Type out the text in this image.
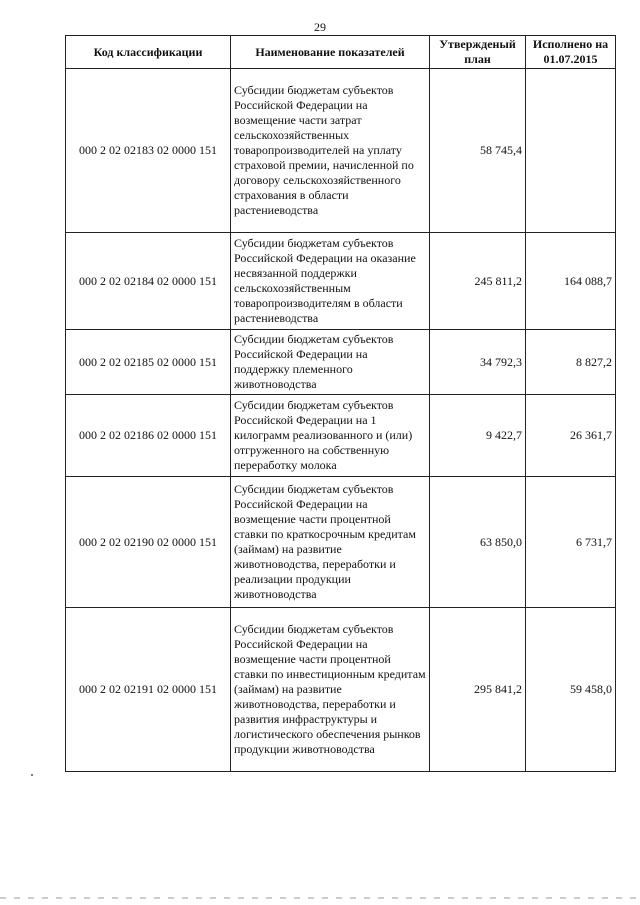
29
Код классификации	Наименование показателей	Утвержденый план	Исполнено на 01.07.2015
000 2 02 02183 02 0000 151	Субсидии бюджетам субъектов Российской Федерации на возмещение части затрат сельскохозяйственных товаропроизводителей на уплату страховой премии, начисленной по договору сельскохозяйственного страхования в области растениеводства	58 745,4	
000 2 02 02184 02 0000 151	Субсидии бюджетам субъектов Российской Федерации на оказание несвязанной поддержки сельскохозяйственным товаропроизводителям в области растениеводства	245 811,2	164 088,7
000 2 02 02185 02 0000 151	Субсидии бюджетам субъектов Российской Федерации на поддержку племенного животноводства	34 792,3	8 827,2
000 2 02 02186 02 0000 151	Субсидии бюджетам субъектов Российской Федерации на 1 килограмм реализованного и (или) отгруженного на собственную переработку молока	9 422,7	26 361,7
000 2 02 02190 02 0000 151	Субсидии бюджетам субъектов Российской Федерации на возмещение части процентной ставки по краткосрочным кредитам (займам) на развитие животноводства, переработки и реализации продукции животноводства	63 850,0	6 731,7
000 2 02 02191 02 0000 151	Субсидии бюджетам субъектов Российской Федерации на возмещение части процентной ставки по инвестиционным кредитам (займам) на развитие животноводства, переработки и развития инфраструктуры и логистического обеспечения рынков продукции животноводства	295 841,2	59 458,0
